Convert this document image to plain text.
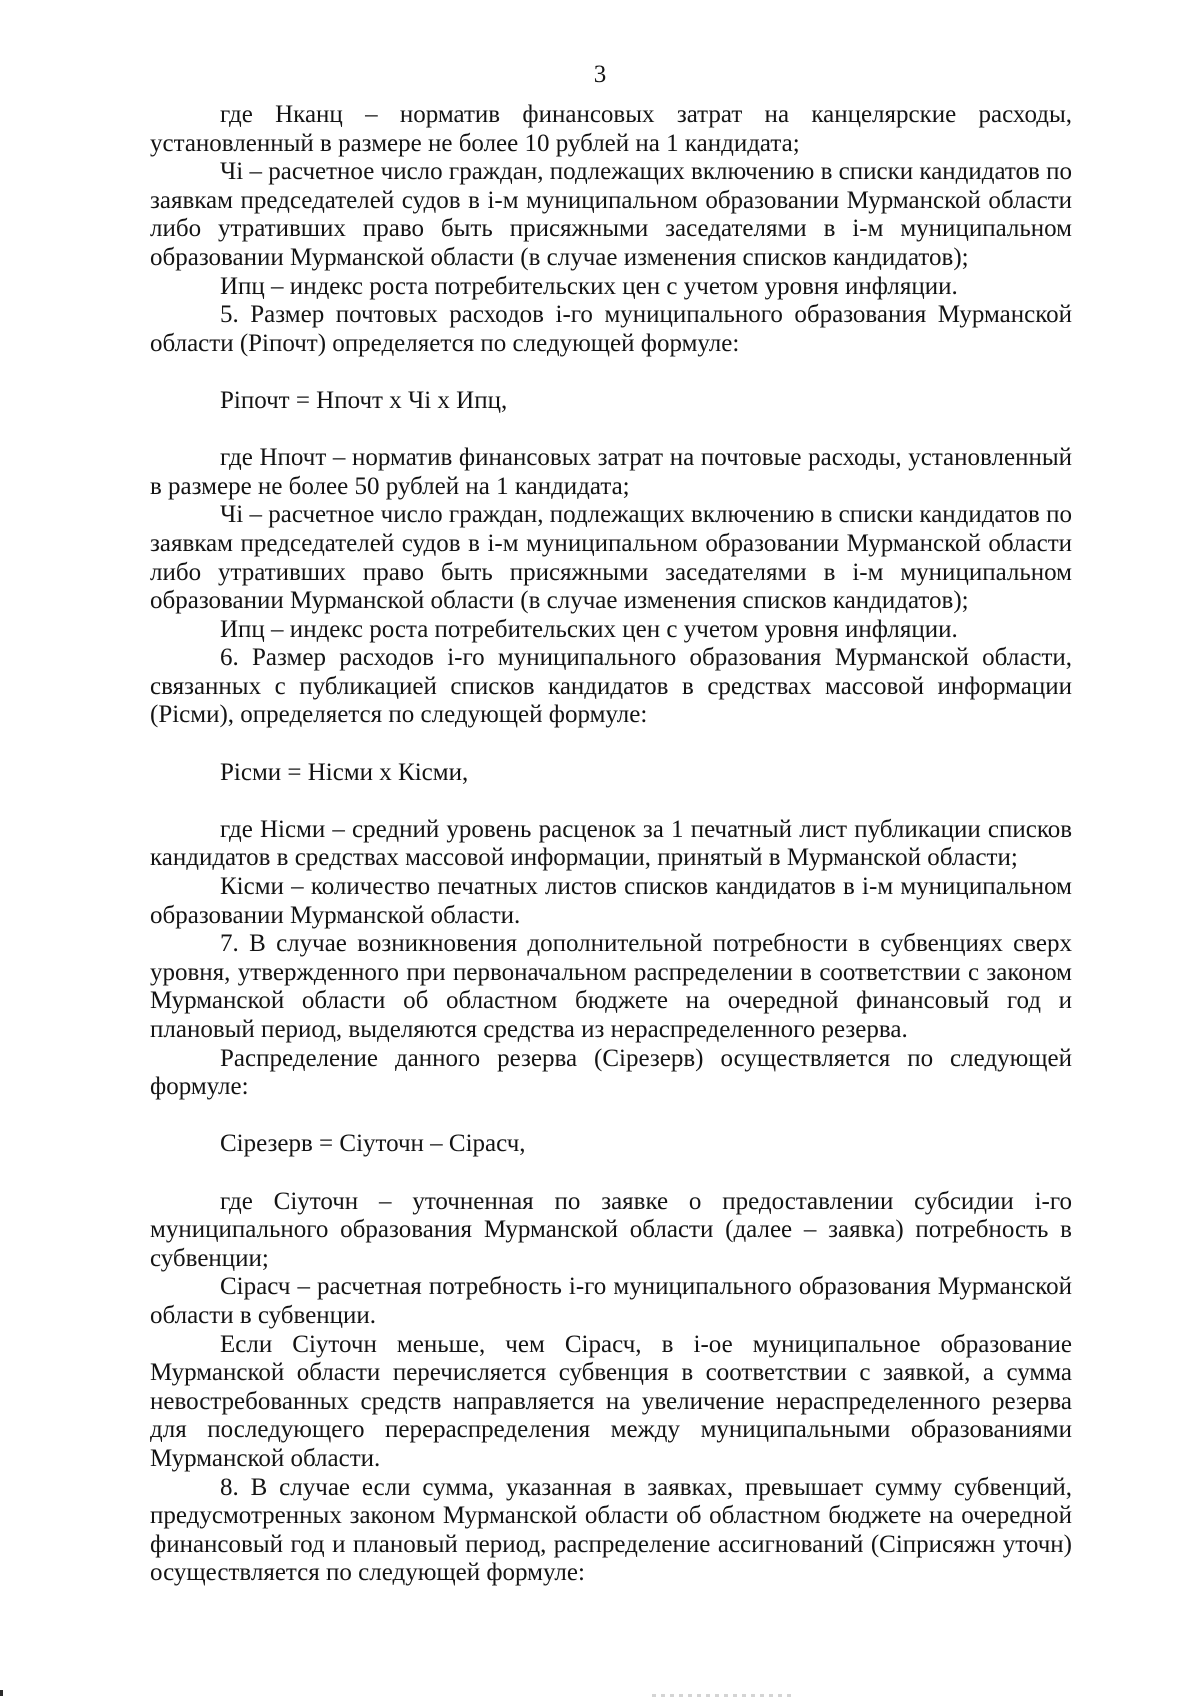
3

где Нканц – норматив финансовых затрат на канцелярские расходы, установленный в размере не более 10 рублей на 1 кандидата;

Чi – расчетное число граждан, подлежащих включению в списки кандидатов по заявкам председателей судов в i-м муниципальном образовании Мурманской области либо утративших право быть присяжными заседателями в i-м муниципальном образовании Мурманской области (в случае изменения списков кандидатов);

Ипц – индекс роста потребительских цен с учетом уровня инфляции.

5. Размер почтовых расходов i-го муниципального образования Мурманской области (Рiпочт) определяется по следующей формуле:

Рiпочт = Нпочт x Чi x Ипц,

где Нпочт – норматив финансовых затрат на почтовые расходы, установленный в размере не более 50 рублей на 1 кандидата;

Чi – расчетное число граждан, подлежащих включению в списки кандидатов по заявкам председателей судов в i-м муниципальном образовании Мурманской области либо утративших право быть присяжными заседателями в i-м муниципальном образовании Мурманской области (в случае изменения списков кандидатов);

Ипц – индекс роста потребительских цен с учетом уровня инфляции.

6. Размер расходов i-го муниципального образования Мурманской области, связанных с публикацией списков кандидатов в средствах массовой информации (Рiсми), определяется по следующей формуле:

Рiсми = Нiсми x Кiсми,

где Нiсми – средний уровень расценок за 1 печатный лист публикации списков кандидатов в средствах массовой информации, принятый в Мурманской области;

Кiсми – количество печатных листов списков кандидатов в i-м муниципальном образовании Мурманской области.

7. В случае возникновения дополнительной потребности в субвенциях сверх уровня, утвержденного при первоначальном распределении в соответствии с законом Мурманской области об областном бюджете на очередной финансовый год и плановый период, выделяются средства из нераспределенного резерва.

Распределение данного резерва (Сiрезерв) осуществляется по следующей формуле:

Сiрезерв = Сiуточн – Сiрасч,

где Сiуточн – уточненная по заявке о предоставлении субсидии i-го муниципального образования Мурманской области (далее – заявка) потребность в субвенции;

Сiрасч – расчетная потребность i-го муниципального образования Мурманской области в субвенции.

Если Сiуточн меньше, чем Сiрасч, в i-ое муниципальное образование Мурманской области перечисляется субвенция в соответствии с заявкой, а сумма невостребованных средств направляется на увеличение нераспределенного резерва для последующего перераспределения между муниципальными образованиями Мурманской области.

8. В случае если сумма, указанная в заявках, превышает сумму субвенций, предусмотренных законом Мурманской области об областном бюджете на очередной финансовый год и плановый период, распределение ассигнований (Сiприсяжн уточн) осуществляется по следующей формуле:
